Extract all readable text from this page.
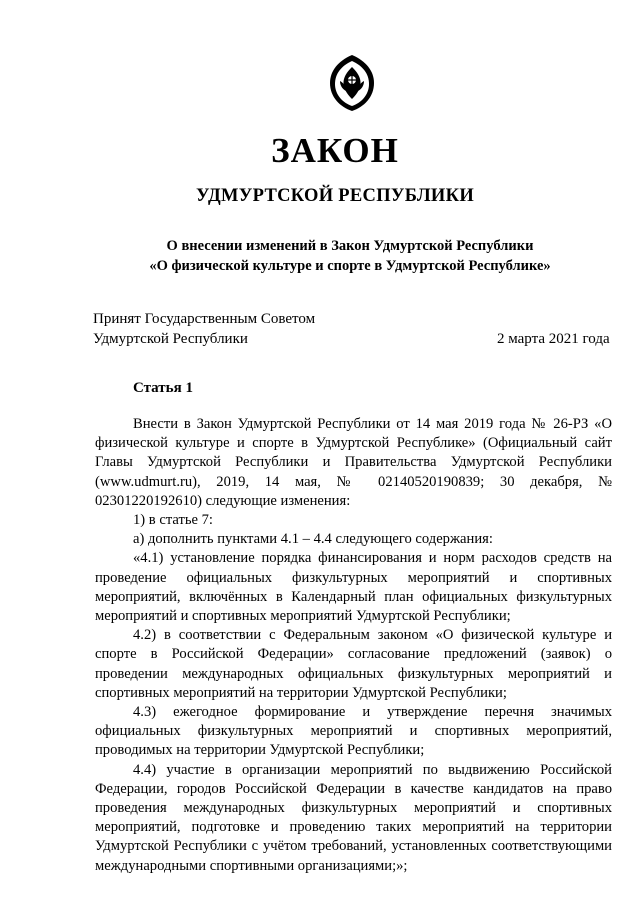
ЗАКОН
УДМУРТСКОЙ РЕСПУБЛИКИ
О внесении изменений в Закон Удмуртской Республики
«О физической культуре и спорте в Удмуртской Республике»
Принят Государственным Советом
Удмуртской Республики	2 марта 2021 года
Статья 1

Внести в Закон Удмуртской Республики от 14 мая 2019 года № 26-РЗ «О физической культуре и спорте в Удмуртской Республике» (Официальный сайт Главы Удмуртской Республики и Правительства Удмуртской Республики (www.udmurt.ru), 2019, 14 мая, № 02140520190839; 30 декабря, № 02301220192610) следующие изменения:

1) в статье 7:

а) дополнить пунктами 4.1 – 4.4 следующего содержания:

«4.1) установление порядка финансирования и норм расходов средств на проведение официальных физкультурных мероприятий и спортивных мероприятий, включённых в Календарный план официальных физкультурных мероприятий и спортивных мероприятий Удмуртской Республики;

4.2) в соответствии с Федеральным законом «О физической культуре и спорте в Российской Федерации» согласование предложений (заявок) о проведении международных официальных физкультурных мероприятий и спортивных мероприятий на территории Удмуртской Республики;

4.3) ежегодное формирование и утверждение перечня значимых официальных физкультурных мероприятий и спортивных мероприятий, проводимых на территории Удмуртской Республики;

4.4) участие в организации мероприятий по выдвижению Российской Федерации, городов Российской Федерации в качестве кандидатов на право проведения международных физкультурных мероприятий и спортивных мероприятий, подготовке и проведению таких мероприятий на территории Удмуртской Республики с учётом требований, установленных соответствующими международными спортивными организациями;»;
